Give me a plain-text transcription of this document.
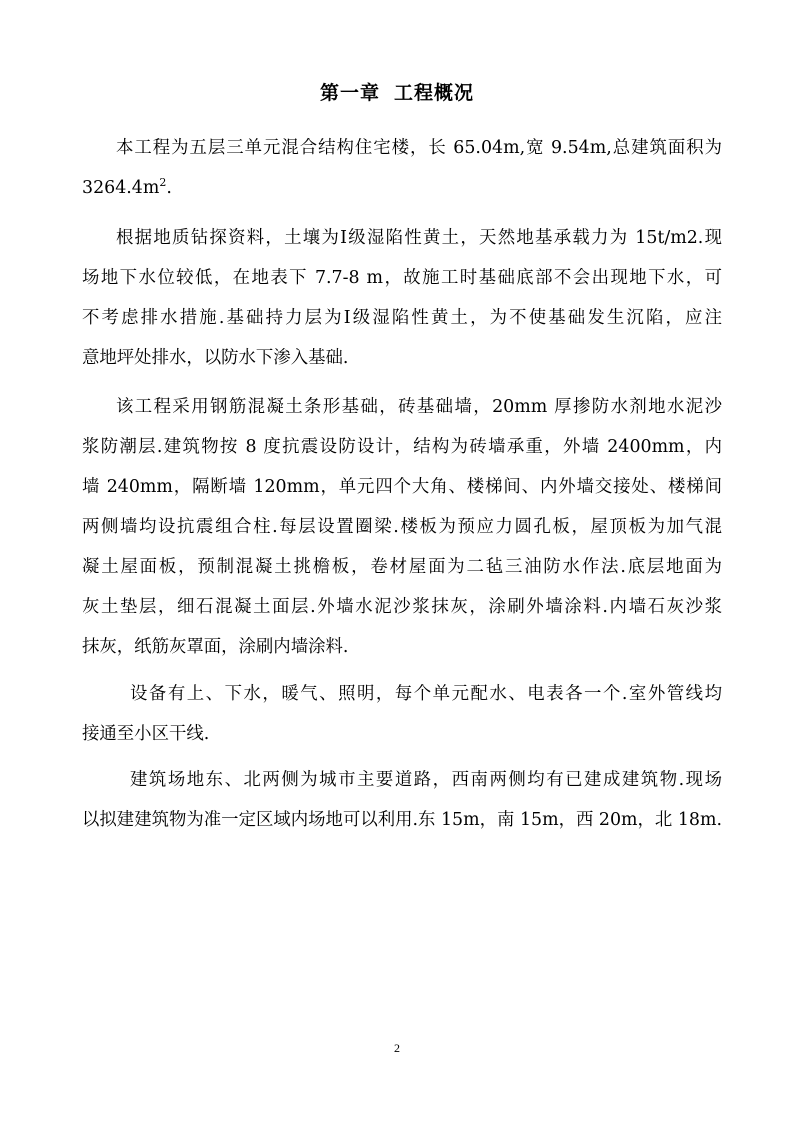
第一章 工程概况

本工程为五层三单元混合结构住宅楼，长 65.04m,宽 9.54m,总建筑面积为
$3264.4m^2$.

根据地质钻探资料，土壤为Ⅰ级湿陷性黄土，天然地基承载力为 15t/m2.现
场地下水位较低，在地表下 7.7-8 m，故施工时基础底部不会出现地下水，可
不考虑排水措施.基础持力层为Ⅰ级湿陷性黄土，为不使基础发生沉陷，应注
意地坪处排水，以防水下渗入基础.

该工程采用钢筋混凝土条形基础，砖基础墙，20mm 厚掺防水剂地水泥沙
浆防潮层.建筑物按 8 度抗震设防设计，结构为砖墙承重，外墙 2400mm，内
墙 240mm，隔断墙 120mm，单元四个大角、楼梯间、内外墙交接处、楼梯间
两侧墙均设抗震组合柱.每层设置圈梁.楼板为预应力圆孔板，屋顶板为加气混
凝土屋面板，预制混凝土挑檐板，卷材屋面为二毡三油防水作法.底层地面为
灰土垫层，细石混凝土面层.外墙水泥沙浆抹灰，涂刷外墙涂料.内墙石灰沙浆
抹灰，纸筋灰罩面，涂刷内墙涂料.

设备有上、下水，暖气、照明，每个单元配水、电表各一个.室外管线均
接通至小区干线.

建筑场地东、北两侧为城市主要道路，西南两侧均有已建成建筑物.现场
以拟建建筑物为准一定区域内场地可以利用.东 15m，南 15m，西 20m，北 18m.

2
